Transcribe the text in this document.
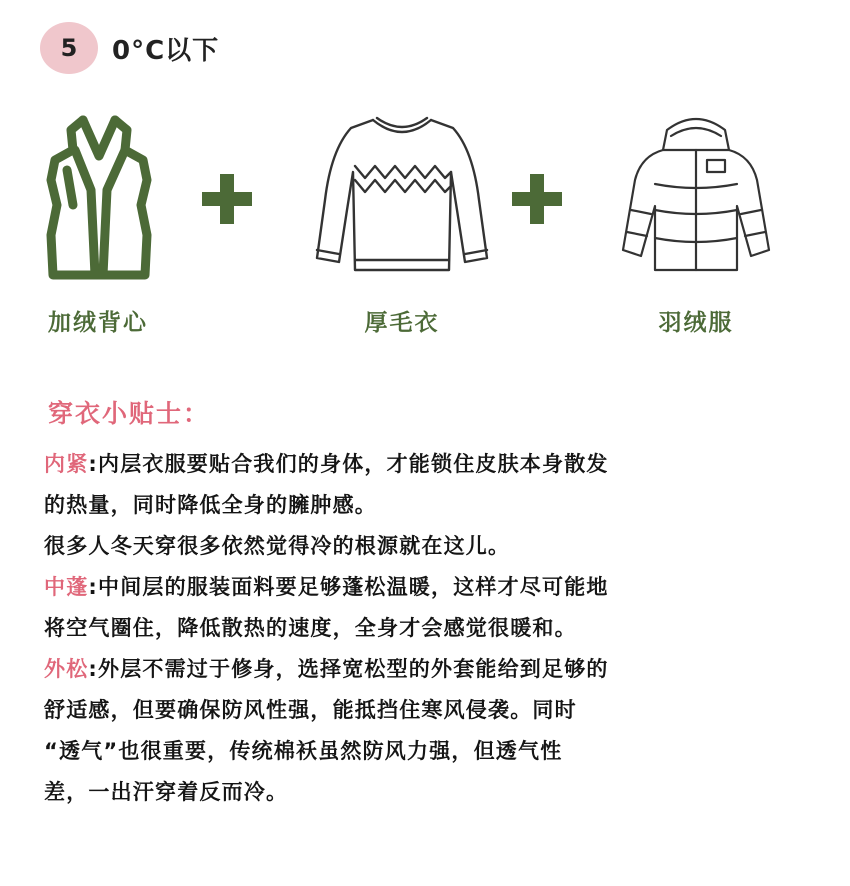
5	0°C以下
加绒背心	厚毛衣	羽绒服
穿衣小贴士：

内紧:内层衣服要贴合我们的身体，才能锁住皮肤本身散发
的热量，同时降低全身的臃肿感。
很多人冬天穿很多依然觉得冷的根源就在这儿。

中蓬:中间层的服装面料要足够蓬松温暖，这样才尽可能地
将空气圈住，降低散热的速度，全身才会感觉很暖和。

外松:外层不需过于修身，选择宽松型的外套能给到足够的
舒适感，但要确保防风性强，能抵挡住寒风侵袭。同时
“透气”也很重要，传统棉袄虽然防风力强，但透气性
差，一出汗穿着反而冷。
